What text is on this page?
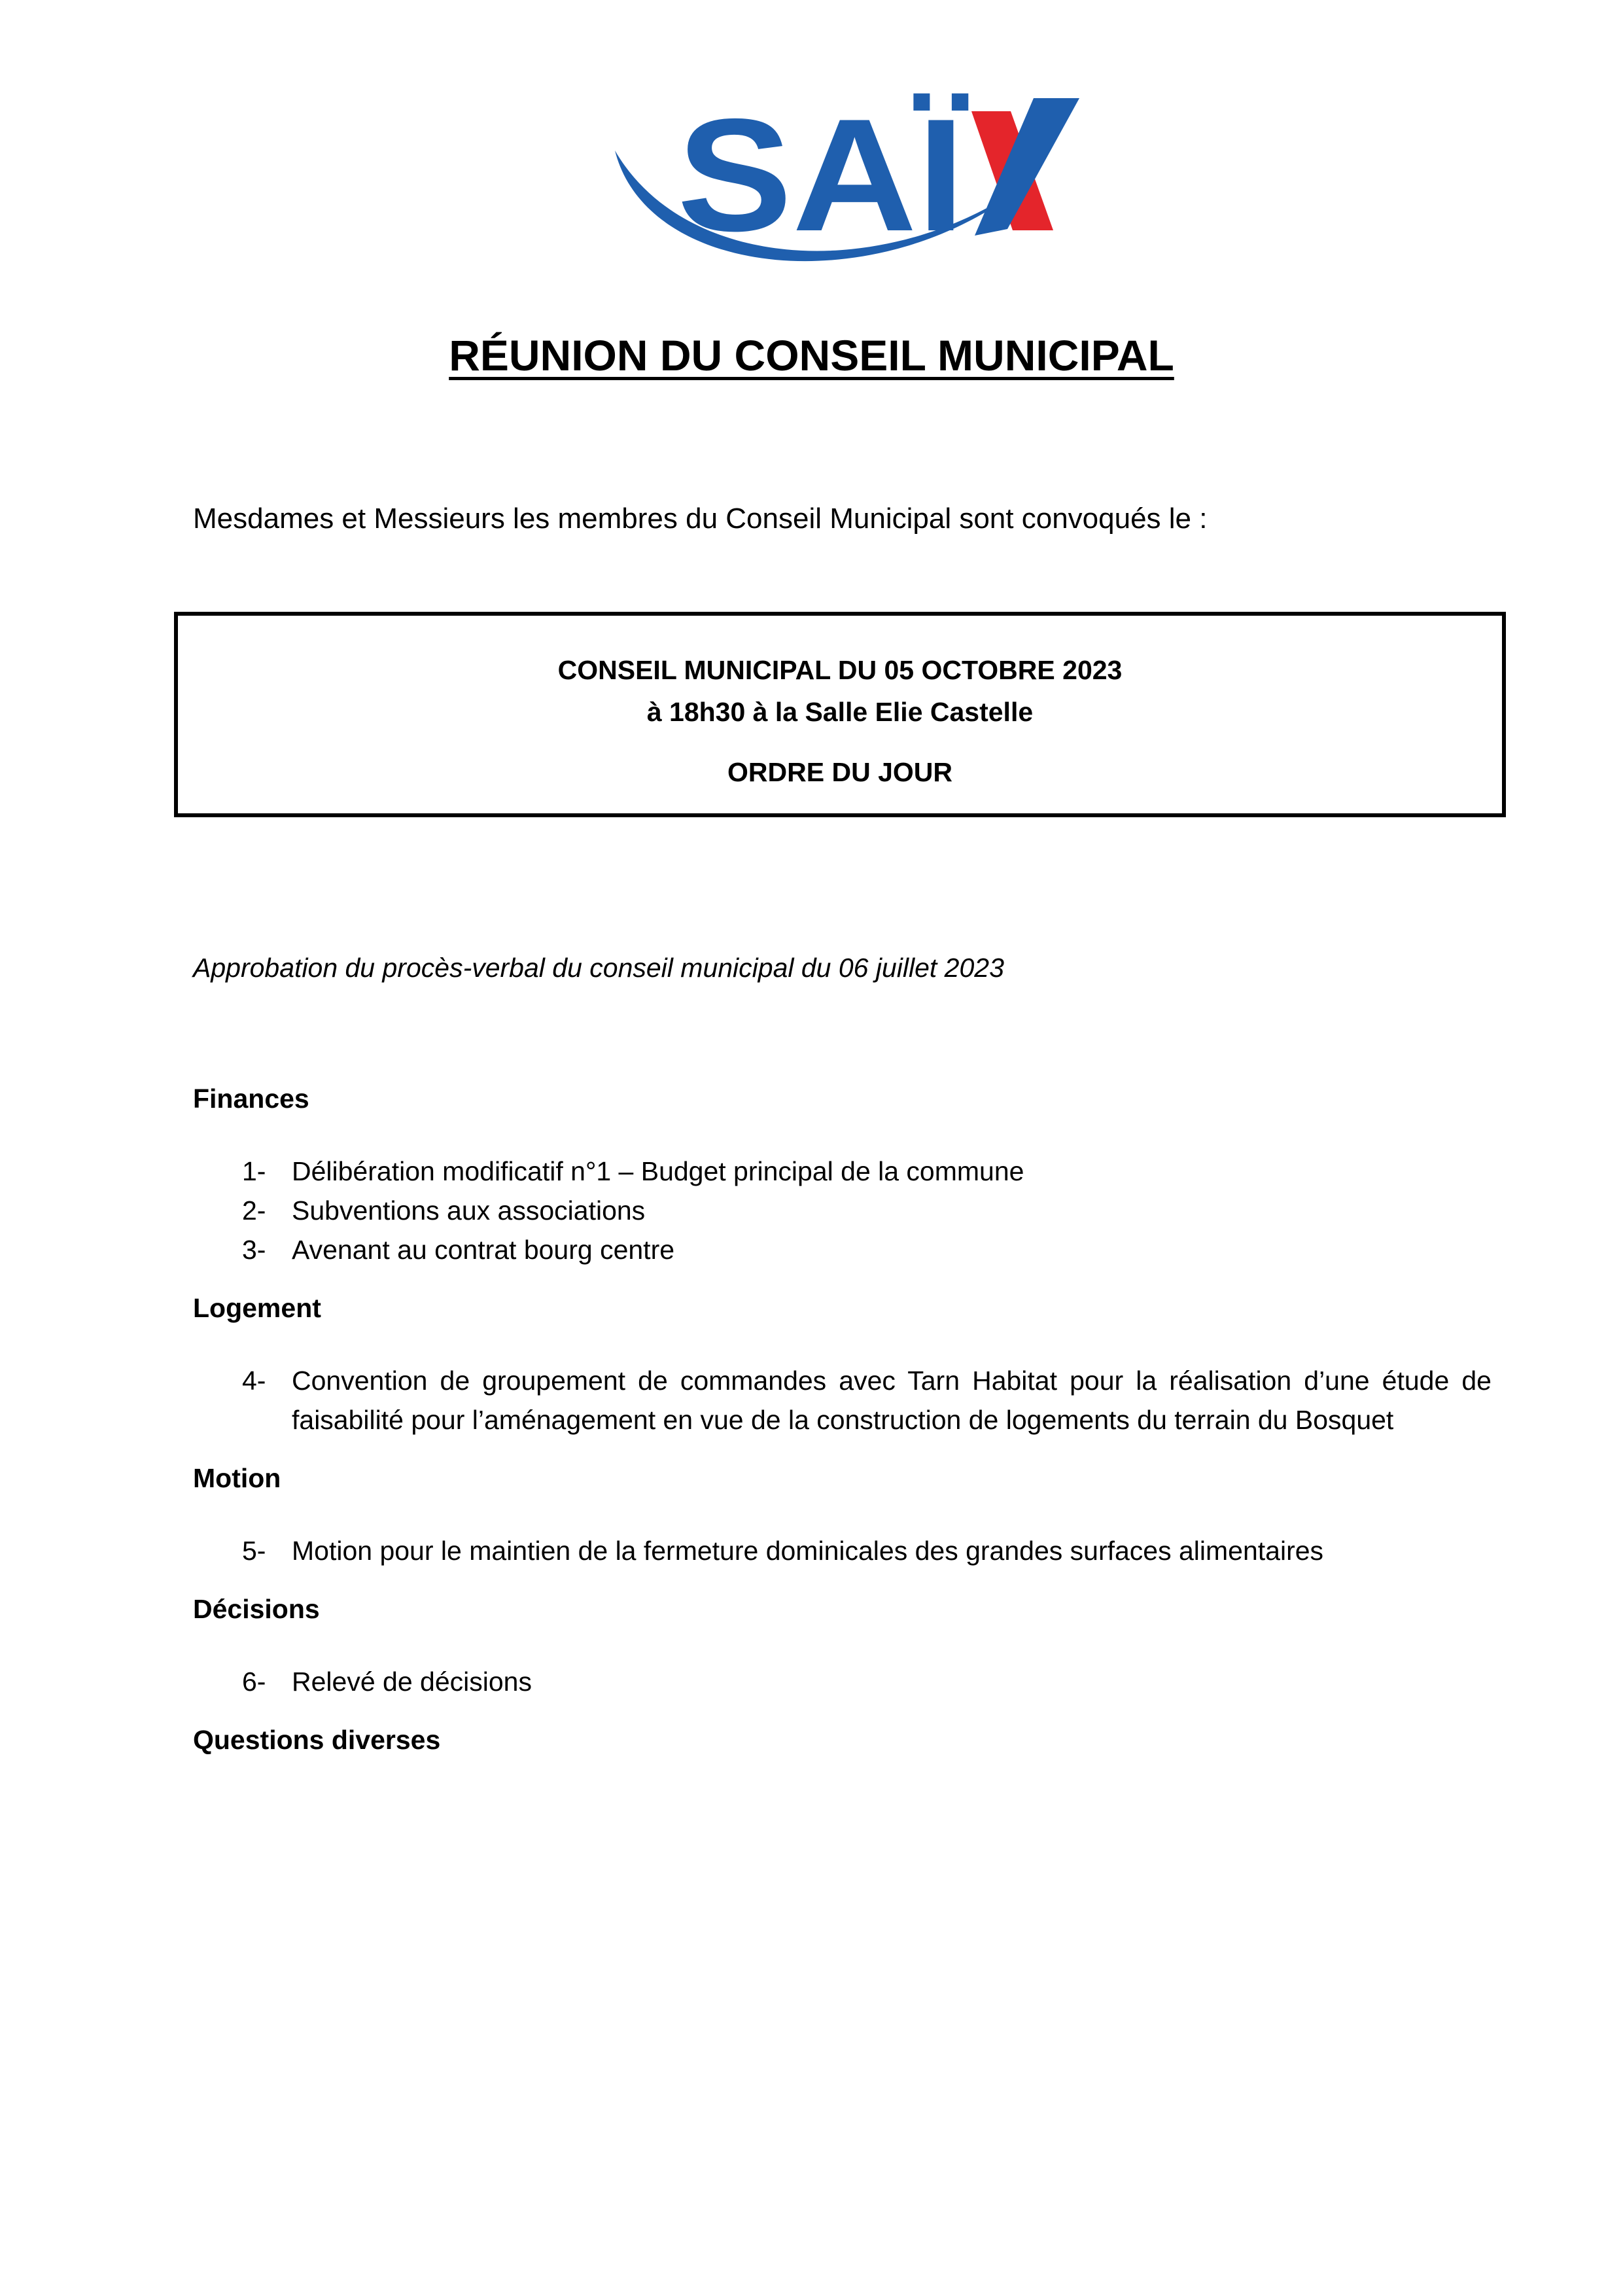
SAÏ
RÉUNION DU CONSEIL MUNICIPAL
Mesdames et Messieurs les membres du Conseil Municipal sont convoqués le :
CONSEIL MUNICIPAL DU 05 OCTOBRE 2023
à 18h30 à la Salle Elie Castelle
ORDRE DU JOUR
Approbation du procès-verbal du conseil municipal du 06 juillet 2023
Finances
1- Délibération modificatif n°1 – Budget principal de la commune
2- Subventions aux associations
3- Avenant au contrat bourg centre
Logement
4- Convention de groupement de commandes avec Tarn Habitat pour la réalisation d’une étude de faisabilité pour l’aménagement en vue de la construction de logements du terrain du Bosquet
Motion
5- Motion pour le maintien de la fermeture dominicales des grandes surfaces alimentaires
Décisions
6- Relevé de décisions
Questions diverses
